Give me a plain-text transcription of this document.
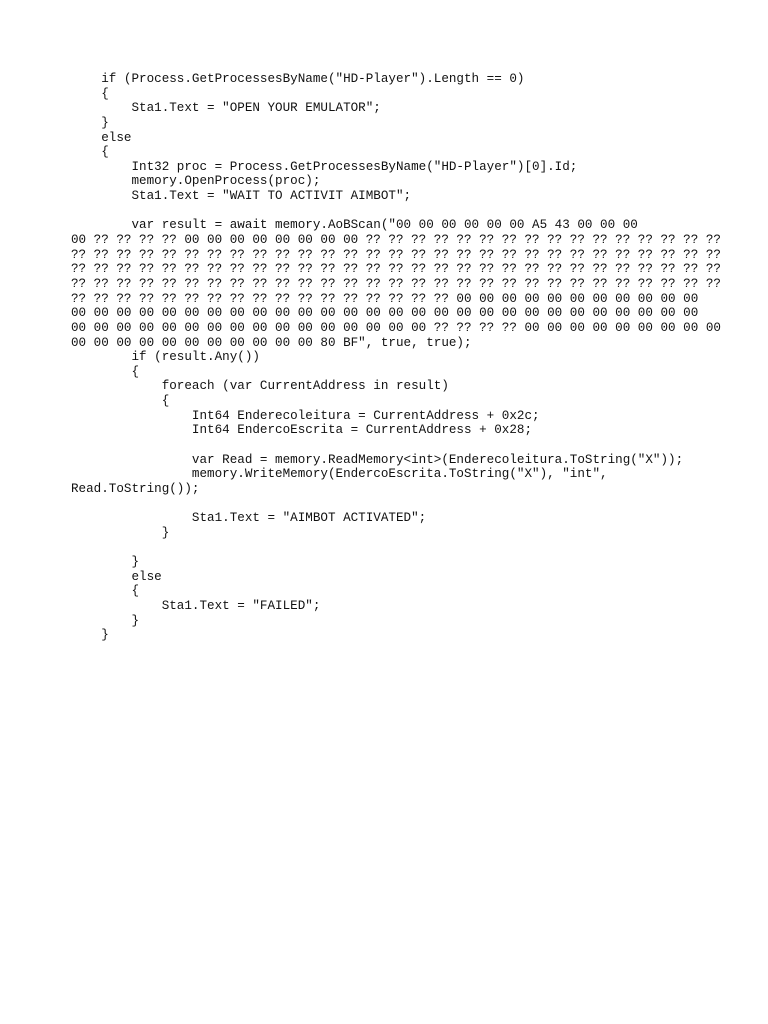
if (Process.GetProcessesByName("HD-Player").Length == 0)
{
Sta1.Text = "OPEN YOUR EMULATOR";
}
else
{
Int32 proc = Process.GetProcessesByName("HD-Player")[0].Id;
memory.OpenProcess(proc);
Sta1.Text = "WAIT TO ACTIVIT AIMBOT";
var result = await memory.AoBScan("00 00 00 00 00 00 A5 43 00 00 00
00 ?? ?? ?? ?? 00 00 00 00 00 00 00 00 ?? ?? ?? ?? ?? ?? ?? ?? ?? ?? ?? ?? ?? ?? ?? ??
?? ?? ?? ?? ?? ?? ?? ?? ?? ?? ?? ?? ?? ?? ?? ?? ?? ?? ?? ?? ?? ?? ?? ?? ?? ?? ?? ?? ??
?? ?? ?? ?? ?? ?? ?? ?? ?? ?? ?? ?? ?? ?? ?? ?? ?? ?? ?? ?? ?? ?? ?? ?? ?? ?? ?? ?? ??
?? ?? ?? ?? ?? ?? ?? ?? ?? ?? ?? ?? ?? ?? ?? ?? ?? ?? ?? ?? ?? ?? ?? ?? ?? ?? ?? ?? ??
?? ?? ?? ?? ?? ?? ?? ?? ?? ?? ?? ?? ?? ?? ?? ?? ?? 00 00 00 00 00 00 00 00 00 00 00
00 00 00 00 00 00 00 00 00 00 00 00 00 00 00 00 00 00 00 00 00 00 00 00 00 00 00 00
00 00 00 00 00 00 00 00 00 00 00 00 00 00 00 00 ?? ?? ?? ?? 00 00 00 00 00 00 00 00 00
00 00 00 00 00 00 00 00 00 00 00 80 BF", true, true);
if (result.Any())
{
foreach (var CurrentAddress in result)
{
Int64 Enderecoleitura = CurrentAddress + 0x2c;
Int64 EndercoEscrita = CurrentAddress + 0x28;
var Read = memory.ReadMemory<int>(Enderecoleitura.ToString("X"));
memory.WriteMemory(EndercoEscrita.ToString("X"), "int",
Read.ToString());
Sta1.Text = "AIMBOT ACTIVATED";
}
}
else
{
Sta1.Text = "FAILED";
}
}
